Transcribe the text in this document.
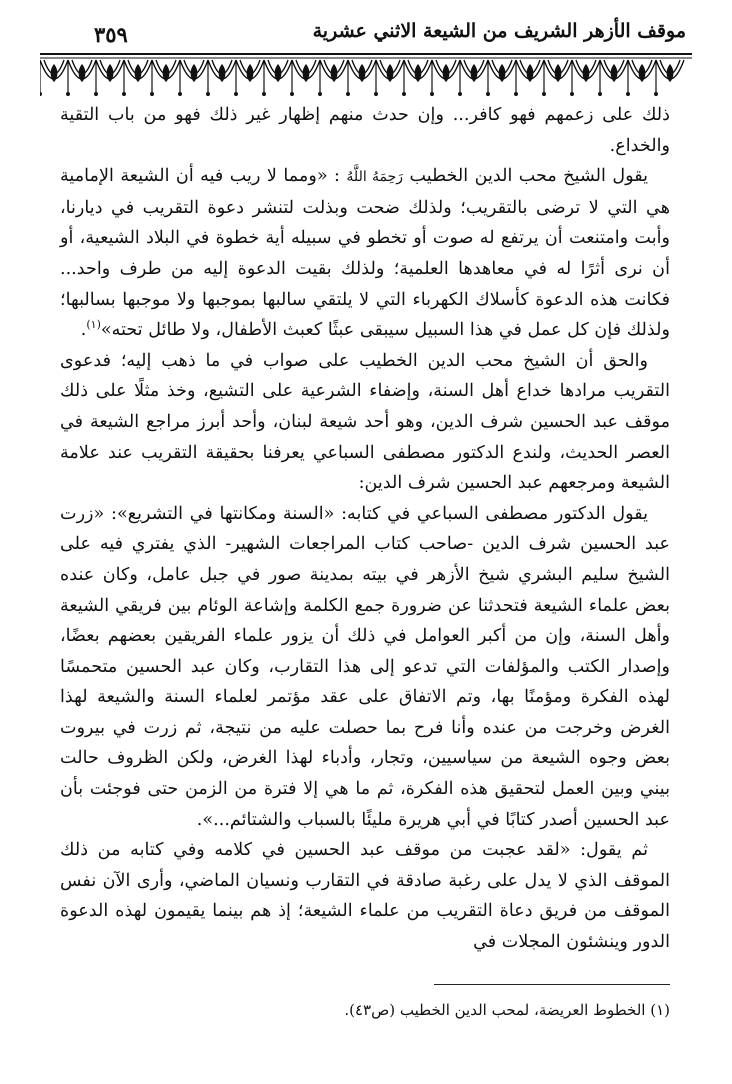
٣٥٩	موقف الأزهر الشريف من الشيعة الاثني عشرية

ذلك على زعمهم فهو كافر... وإن حدث منهم إظهار غير ذلك فهو من باب التقية والخداع.

يقول الشيخ محب الدين الخطيب رَحِمَهُ اللَّهُ : «ومما لا ريب فيه أن الشيعة الإمامية هي التي لا ترضى بالتقريب؛ ولذلك ضحت وبذلت لتنشر دعوة التقريب في ديارنا، وأبت وامتنعت أن يرتفع له صوت أو تخطو في سبيله أية خطوة في البلاد الشيعية، أو أن نرى أثرًا له في معاهدها العلمية؛ ولذلك بقيت الدعوة إليه من طرف واحد... فكانت هذه الدعوة كأسلاك الكهرباء التي لا يلتقي سالبها بموجبها ولا موجبها بسالبها؛ ولذلك فإن كل عمل في هذا السبيل سيبقى عبثًا كعبث الأطفال، ولا طائل تحته»$^{(١)}$.

والحق أن الشيخ محب الدين الخطيب على صواب في ما ذهب إليه؛ فدعوى التقريب مرادها خداع أهل السنة، وإضفاء الشرعية على التشيع، وخذ مثلًا على ذلك موقف عبد الحسين شرف الدين، وهو أحد شيعة لبنان، وأحد أبرز مراجع الشيعة في العصر الحديث، ولندع الدكتور مصطفى السباعي يعرفنا بحقيقة التقريب عند علامة الشيعة ومرجعهم عبد الحسين شرف الدين:

يقول الدكتور مصطفى السباعي في كتابه: «السنة ومكانتها في التشريع»: «زرت عبد الحسين شرف الدين -صاحب كتاب المراجعات الشهير- الذي يفتري فيه على الشيخ سليم البشري شيخ الأزهر في بيته بمدينة صور في جبل عامل، وكان عنده بعض علماء الشيعة فتحدثنا عن ضرورة جمع الكلمة وإشاعة الوئام بين فريقي الشيعة وأهل السنة، وإن من أكبر العوامل في ذلك أن يزور علماء الفريقين بعضهم بعضًا، وإصدار الكتب والمؤلفات التي تدعو إلى هذا التقارب، وكان عبد الحسين متحمسًا لهذه الفكرة ومؤمنًا بها، وتم الاتفاق على عقد مؤتمر لعلماء السنة والشيعة لهذا الغرض وخرجت من عنده وأنا فرح بما حصلت عليه من نتيجة، ثم زرت في بيروت بعض وجوه الشيعة من سياسيين، وتجار، وأدباء لهذا الغرض، ولكن الظروف حالت بيني وبين العمل لتحقيق هذه الفكرة، ثم ما هي إلا فترة من الزمن حتى فوجئت بأن عبد الحسين أصدر كتابًا في أبي هريرة مليئًا بالسباب والشتائم...».

ثم يقول: «لقد عجبت من موقف عبد الحسين في كلامه وفي كتابه من ذلك الموقف الذي لا يدل على رغبة صادقة في التقارب ونسيان الماضي، وأرى الآن نفس الموقف من فريق دعاة التقريب من علماء الشيعة؛ إذ هم بينما يقيمون لهذه الدعوة الدور وينشئون المجلات في

(١) الخطوط العريضة، لمحب الدين الخطيب (ص٤٣).
